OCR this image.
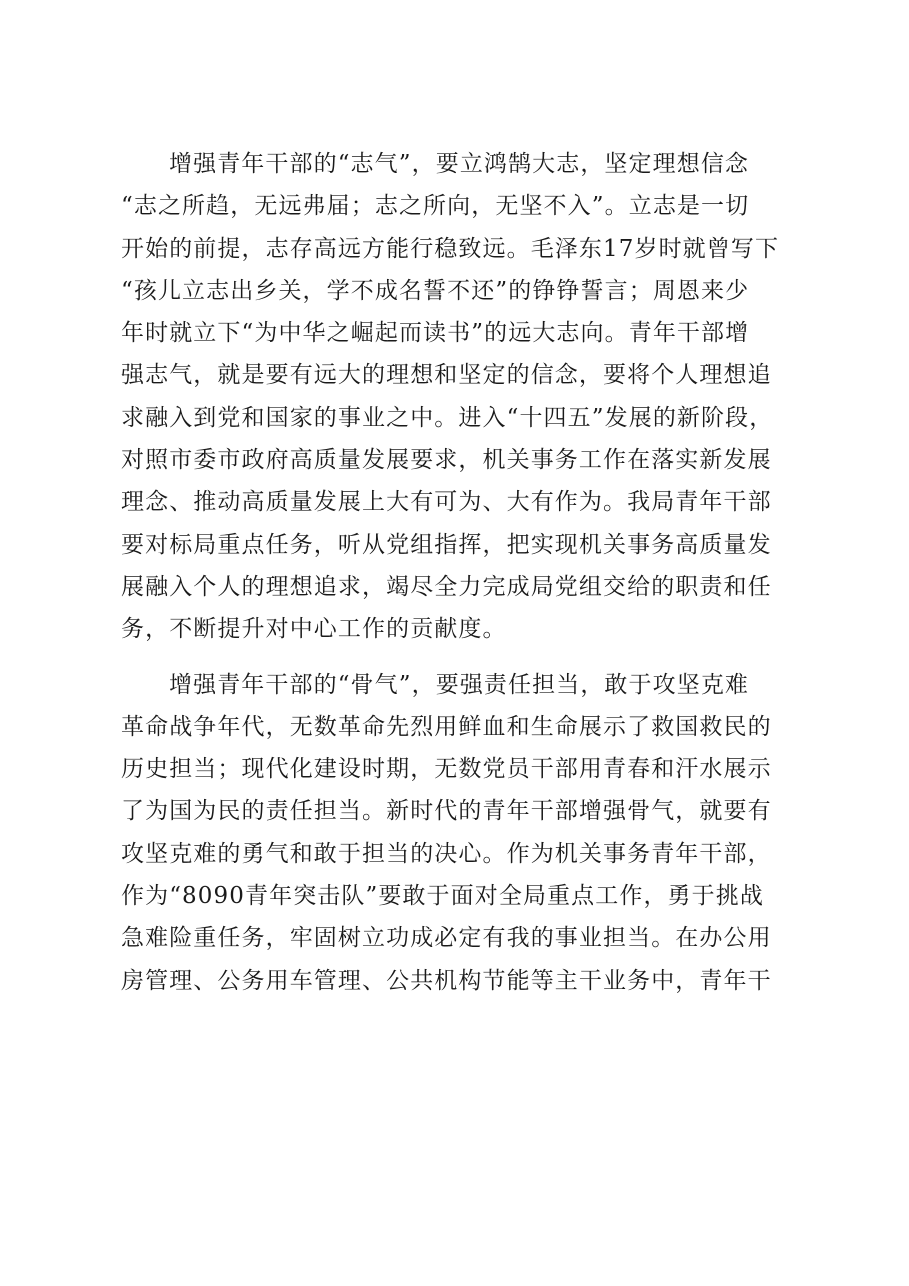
增强青年干部的“志气”，要立鸿鹄大志，坚定理想信念
“志之所趋，无远弗届；志之所向，无坚不入”。立志是一切
开始的前提，志存高远方能行稳致远。毛泽东17岁时就曾写下
“孩儿立志出乡关，学不成名誓不还”的铮铮誓言；周恩来少
年时就立下“为中华之崛起而读书”的远大志向。青年干部增
强志气，就是要有远大的理想和坚定的信念，要将个人理想追
求融入到党和国家的事业之中。进入“十四五”发展的新阶段，
对照市委市政府高质量发展要求，机关事务工作在落实新发展
理念、推动高质量发展上大有可为、大有作为。我局青年干部
要对标局重点任务，听从党组指挥，把实现机关事务高质量发
展融入个人的理想追求，竭尽全力完成局党组交给的职责和任
务，不断提升对中心工作的贡献度。

增强青年干部的“骨气”，要强责任担当，敢于攻坚克难
革命战争年代，无数革命先烈用鲜血和生命展示了救国救民的
历史担当；现代化建设时期，无数党员干部用青春和汗水展示
了为国为民的责任担当。新时代的青年干部增强骨气，就要有
攻坚克难的勇气和敢于担当的决心。作为机关事务青年干部，
作为“8090青年突击队”要敢于面对全局重点工作，勇于挑战
急难险重任务，牢固树立功成必定有我的事业担当。在办公用
房管理、公务用车管理、公共机构节能等主干业务中，青年干
